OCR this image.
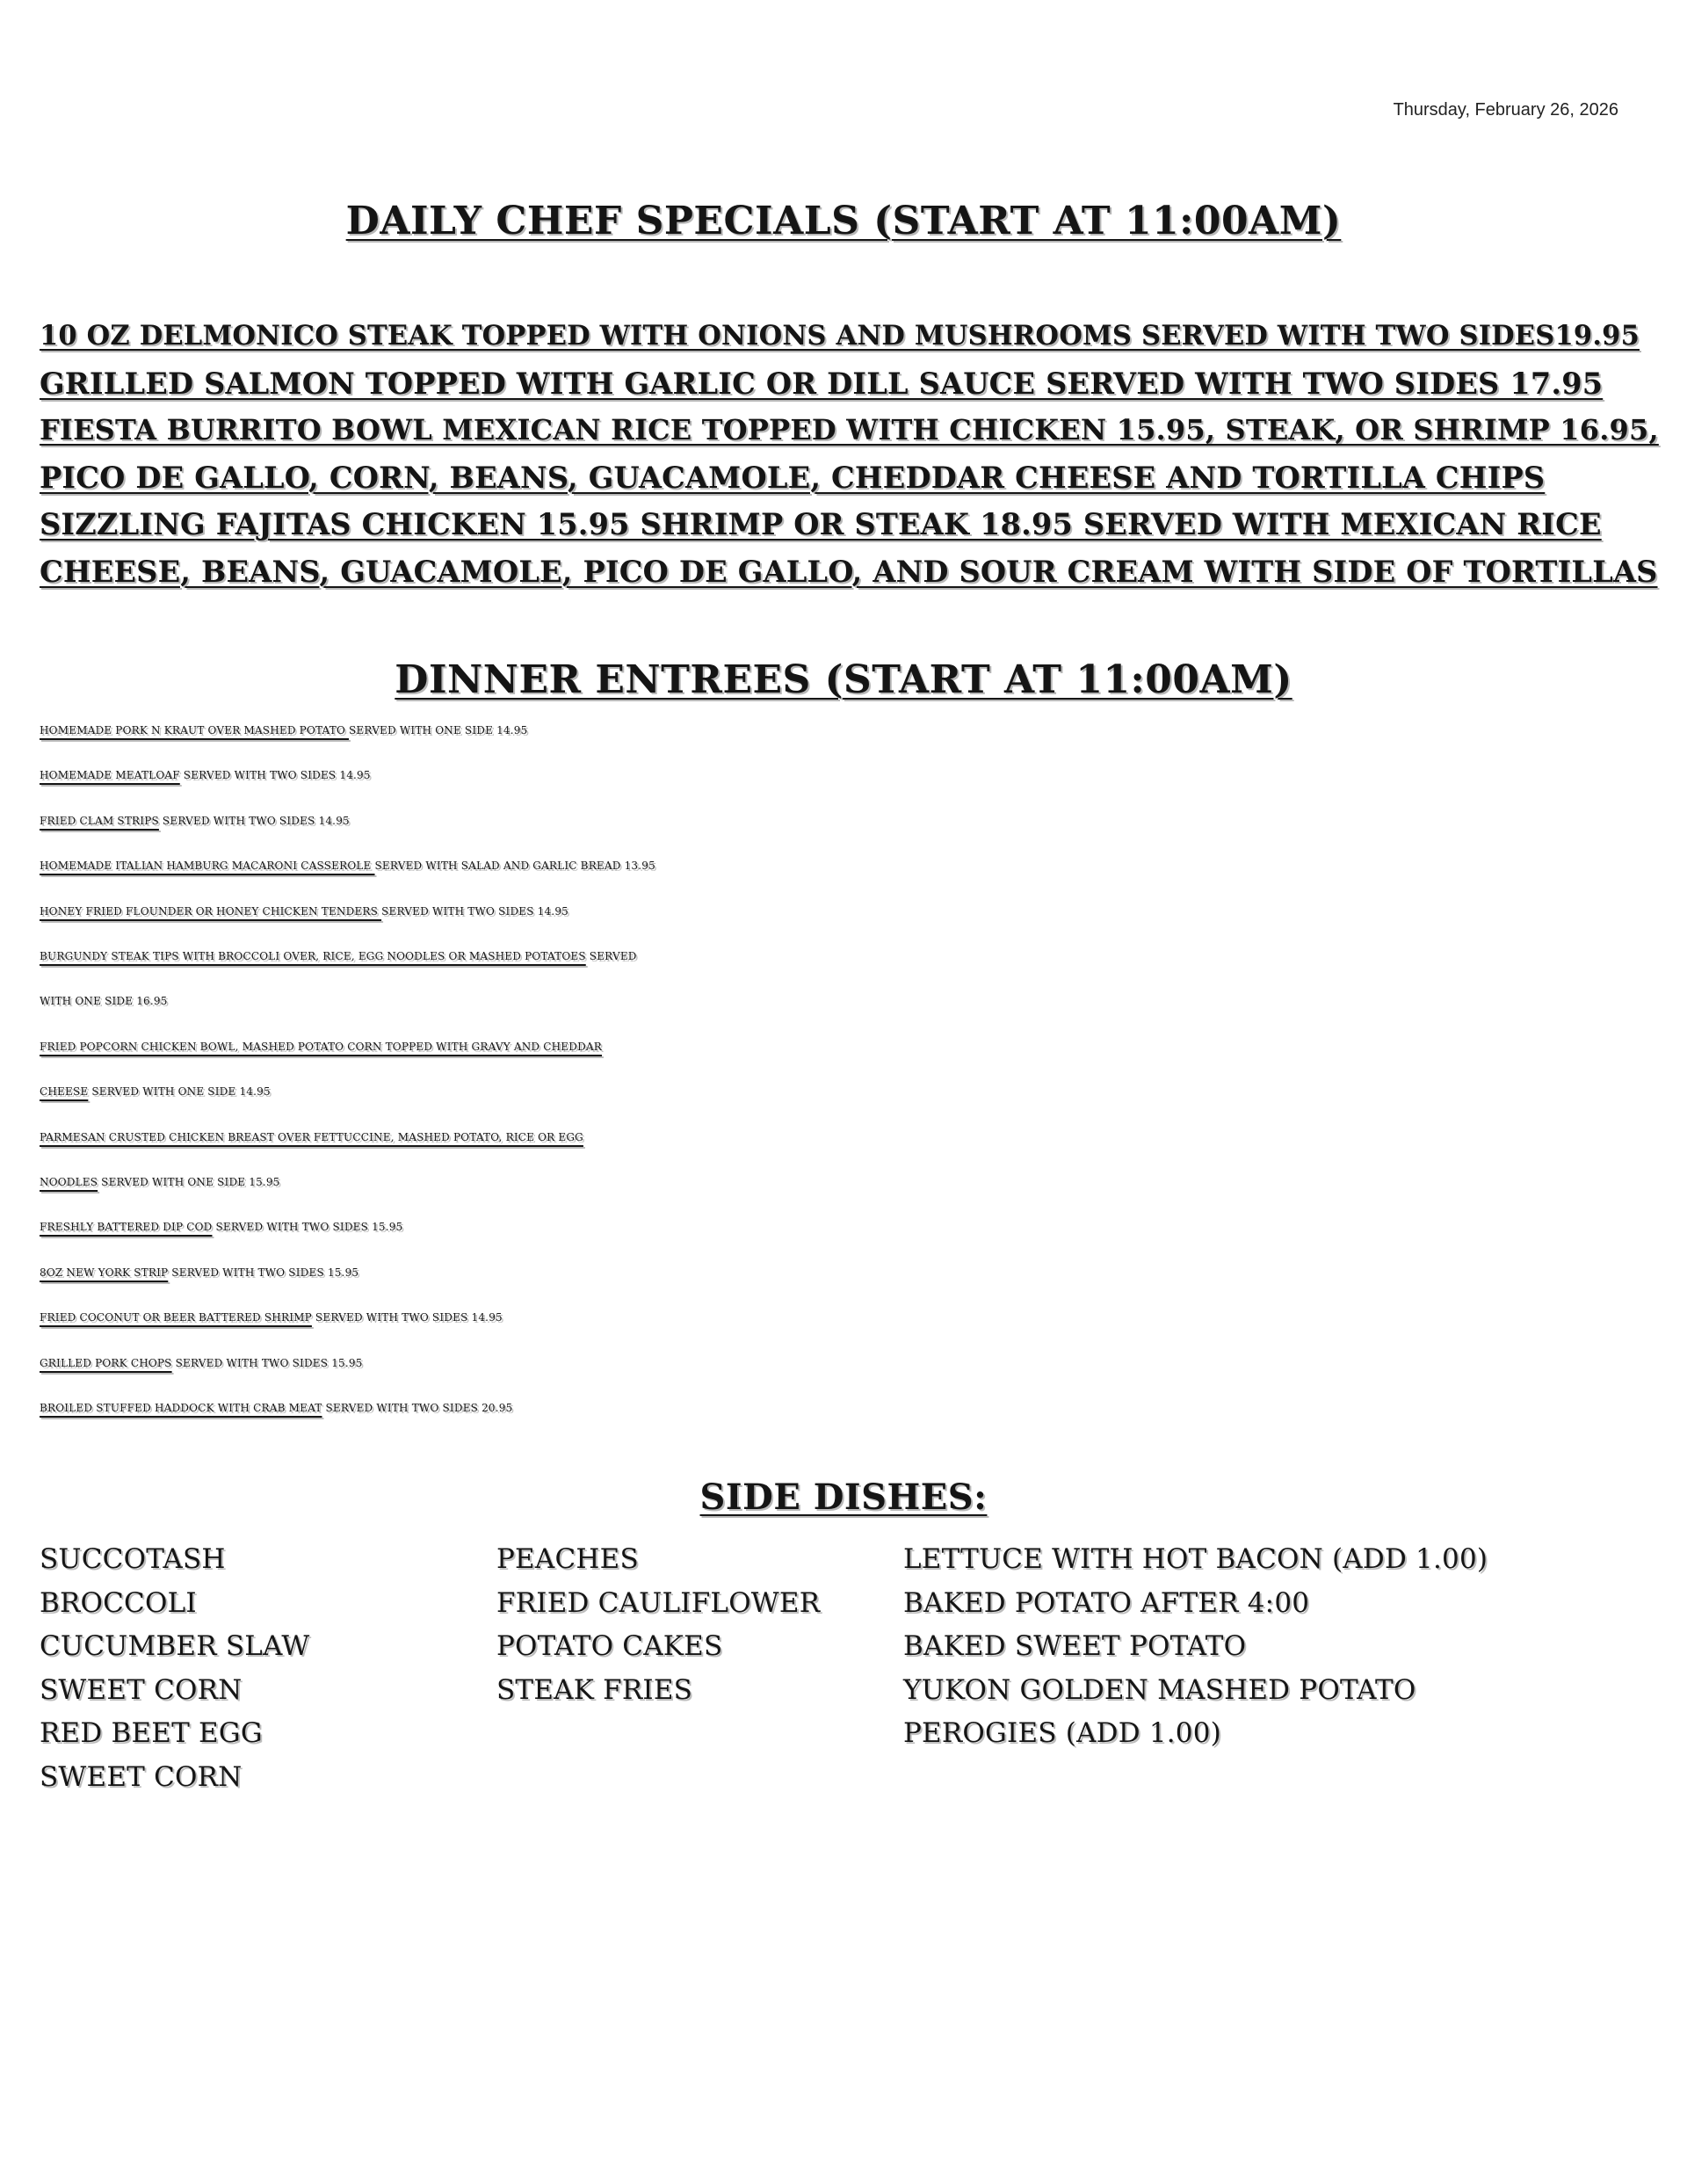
Thursday, February 26, 2026
DAILY CHEF SPECIALS (START AT 11:00AM)
10 OZ DELMONICO STEAK TOPPED WITH ONIONS AND MUSHROOMS SERVED WITH TWO SIDES19.95
GRILLED SALMON TOPPED WITH GARLIC OR DILL SAUCE SERVED WITH TWO SIDES 17.95
FIESTA BURRITO BOWL MEXICAN RICE TOPPED WITH CHICKEN 15.95, STEAK, OR SHRIMP 16.95,
PICO DE GALLO, CORN, BEANS, GUACAMOLE, CHEDDAR CHEESE AND TORTILLA CHIPS
SIZZLING FAJITAS CHICKEN 15.95 SHRIMP OR STEAK 18.95 SERVED WITH MEXICAN RICE
CHEESE, BEANS, GUACAMOLE, PICO DE GALLO, AND SOUR CREAM WITH SIDE OF TORTILLAS
DINNER ENTREES (START AT 11:00AM)
HOMEMADE PORK N KRAUT OVER MASHED POTATO SERVED WITH ONE SIDE 14.95
HOMEMADE MEATLOAF SERVED WITH TWO SIDES 14.95
FRIED CLAM STRIPS SERVED WITH TWO SIDES 14.95
HOMEMADE ITALIAN HAMBURG MACARONI CASSEROLE SERVED WITH SALAD AND GARLIC BREAD 13.95
HONEY FRIED FLOUNDER OR HONEY CHICKEN TENDERS SERVED WITH TWO SIDES 14.95
BURGUNDY STEAK TIPS WITH BROCCOLI OVER, RICE, EGG NOODLES OR MASHED POTATOES SERVED
WITH ONE SIDE 16.95
FRIED POPCORN CHICKEN BOWL, MASHED POTATO CORN TOPPED WITH GRAVY AND CHEDDAR
CHEESE SERVED WITH ONE SIDE 14.95
PARMESAN CRUSTED CHICKEN BREAST OVER FETTUCCINE, MASHED POTATO, RICE OR EGG
NOODLES SERVED WITH ONE SIDE 15.95
FRESHLY BATTERED DIP COD SERVED WITH TWO SIDES 15.95
8OZ NEW YORK STRIP SERVED WITH TWO SIDES 15.95
FRIED COCONUT OR BEER BATTERED SHRIMP SERVED WITH TWO SIDES 14.95
GRILLED PORK CHOPS SERVED WITH TWO SIDES 15.95
BROILED STUFFED HADDOCK WITH CRAB MEAT SERVED WITH TWO SIDES 20.95
SIDE DISHES:
SUCCOTASH
BROCCOLI
CUCUMBER SLAW
SWEET CORN
RED BEET EGG
SWEET CORN
PEACHES
FRIED CAULIFLOWER
POTATO CAKES
STEAK FRIES
LETTUCE WITH HOT BACON (ADD 1.00)
BAKED POTATO AFTER 4:00
BAKED SWEET POTATO
YUKON GOLDEN MASHED POTATO
PEROGIES (ADD 1.00)
